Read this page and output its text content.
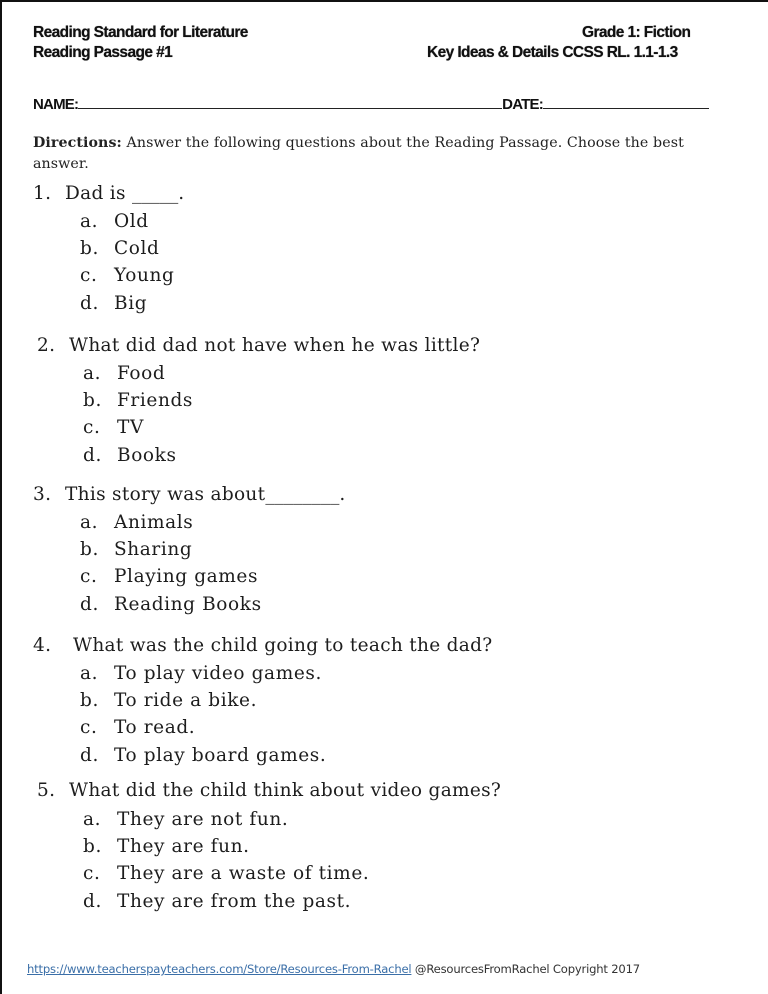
Reading Standard for Literature
Reading Passage #1
Grade 1: Fiction
Key Ideas & Details CCSS RL. 1.1-1.3
NAME:	DATE:
Directions: Answer the following questions about the Reading Passage. Choose the best answer.
1. Dad is _____.
a. Old
b. Cold
c. Young
d. Big
2. What did dad not have when he was little?
a. Food
b. Friends
c. TV
d. Books
3. This story was about________.
a. Animals
b. Sharing
c. Playing games
d. Reading Books
4. What was the child going to teach the dad?
a. To play video games.
b. To ride a bike.
c. To read.
d. To play board games.
5. What did the child think about video games?
a. They are not fun.
b. They are fun.
c. They are a waste of time.
d. They are from the past.
https://www.teacherspayteachers.com/Store/Resources-From-Rachel @ResourcesFromRachel Copyright 2017
